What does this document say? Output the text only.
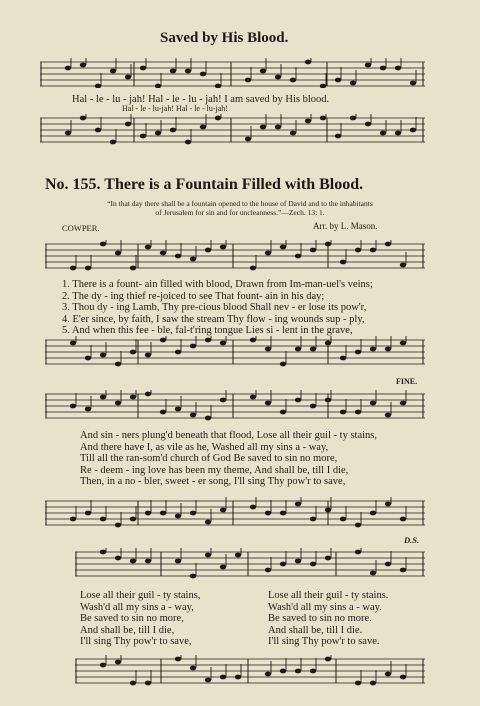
Saved by His Blood.
Hal - le - lu - jah! Hal - le - lu - jah! I am saved by His blood.
Hal - le - lu-jah! Hal - le - lu-jah!
No. 155. There is a Fountain Filled with Blood.
“In that day there shall be a fountain opened to the house of David and to the inhabitants
of Jerusalem for sin and for uncleanness.”—Zech. 13: 1.
COWPER.	Arr. by L. Mason.
1. There is a fount- ain filled with blood, Drawn from Im-man-uel's veins;
2. The dy - ing thief re-joiced to see That fount- ain in his day;
3. Thou dy - ing Lamb, Thy pre-cious blood Shall nev - er lose its pow'r,
4. E'er since, by faith, I saw the stream Thy flow - ing wounds sup - ply,
5. And when this fee - ble, fal-t'ring tongue Lies si - lent in the grave,
FINE.
And sin - ners plung'd beneath that flood, Lose all their guil - ty stains,
And there have I, as vile as he, Washed all my sins a - way,
Till all the ran-som'd church of God Be saved to sin no more,
Re - deem - ing love has been my theme, And shall be, till I die,
Then, in a no - bler, sweet - er song, I'll sing Thy pow'r to save,
D.S.
Lose all their guil - ty stains,
Wash'd all my sins a - way,
Be saved to sin no more,
And shall be, till I die,
I'll sing Thy pow'r to save,
Lose all their guil - ty stains.
Wash'd all my sins a - way.
Be saved to sin no more.
And shall be, till I die.
I'll sing Thy pow'r to save.
